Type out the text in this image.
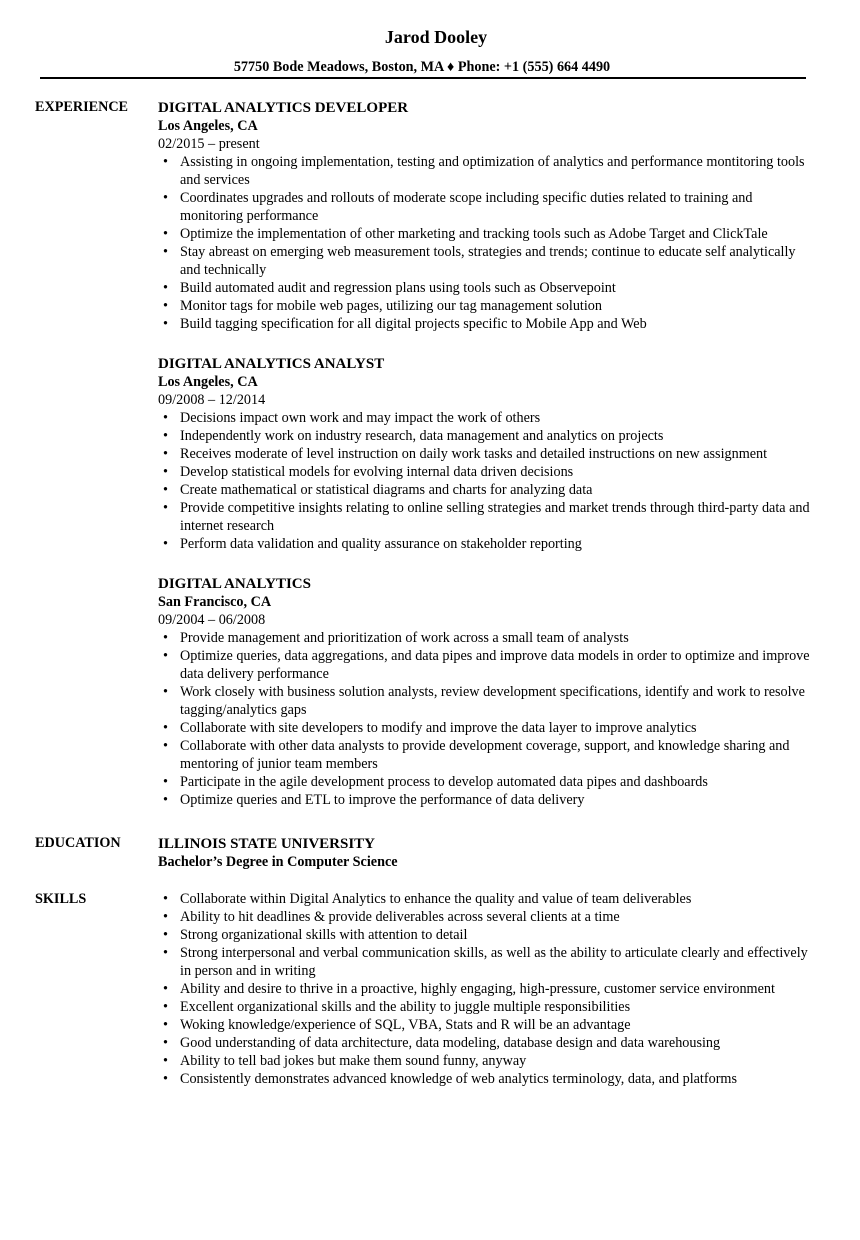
Jarod Dooley
57750 Bode Meadows, Boston, MA ♦ Phone: +1 (555) 664 4490
EXPERIENCE DIGITAL ANALYTICS DEVELOPER
Los Angeles, CA
02/2015 – present
• Assisting in ongoing implementation, testing and optimization of analytics and performance montitoring tools and services
• Coordinates upgrades and rollouts of moderate scope including specific duties related to training and monitoring performance
• Optimize the implementation of other marketing and tracking tools such as Adobe Target and ClickTale
• Stay abreast on emerging web measurement tools, strategies and trends; continue to educate self analytically and technically
• Build automated audit and regression plans using tools such as Observepoint
• Monitor tags for mobile web pages, utilizing our tag management solution
• Build tagging specification for all digital projects specific to Mobile App and Web
DIGITAL ANALYTICS ANALYST
Los Angeles, CA
09/2008 – 12/2014
• Decisions impact own work and may impact the work of others
• Independently work on industry research, data management and analytics on projects
• Receives moderate of level instruction on daily work tasks and detailed instructions on new assignment
• Develop statistical models for evolving internal data driven decisions
• Create mathematical or statistical diagrams and charts for analyzing data
• Provide competitive insights relating to online selling strategies and market trends through third-party data and internet research
• Perform data validation and quality assurance on stakeholder reporting
DIGITAL ANALYTICS
San Francisco, CA
09/2004 – 06/2008
• Provide management and prioritization of work across a small team of analysts
• Optimize queries, data aggregations, and data pipes and improve data models in order to optimize and improve data delivery performance
• Work closely with business solution analysts, review development specifications, identify and work to resolve tagging/analytics gaps
• Collaborate with site developers to modify and improve the data layer to improve analytics
• Collaborate with other data analysts to provide development coverage, support, and knowledge sharing and mentoring of junior team members
• Participate in the agile development process to develop automated data pipes and dashboards
• Optimize queries and ETL to improve the performance of data delivery
EDUCATION ILLINOIS STATE UNIVERSITY
Bachelor’s Degree in Computer Science
SKILLS	• Collaborate within Digital Analytics to enhance the quality and value of team deliverables
• Ability to hit deadlines & provide deliverables across several clients at a time
• Strong organizational skills with attention to detail
• Strong interpersonal and verbal communication skills, as well as the ability to articulate clearly and effectively in person and in writing
• Ability and desire to thrive in a proactive, highly engaging, high-pressure, customer service environment
• Excellent organizational skills and the ability to juggle multiple responsibilities
• Woking knowledge/experience of SQL, VBA, Stats and R will be an advantage
• Good understanding of data architecture, data modeling, database design and data warehousing
• Ability to tell bad jokes but make them sound funny, anyway
• Consistently demonstrates advanced knowledge of web analytics terminology, data, and platforms
